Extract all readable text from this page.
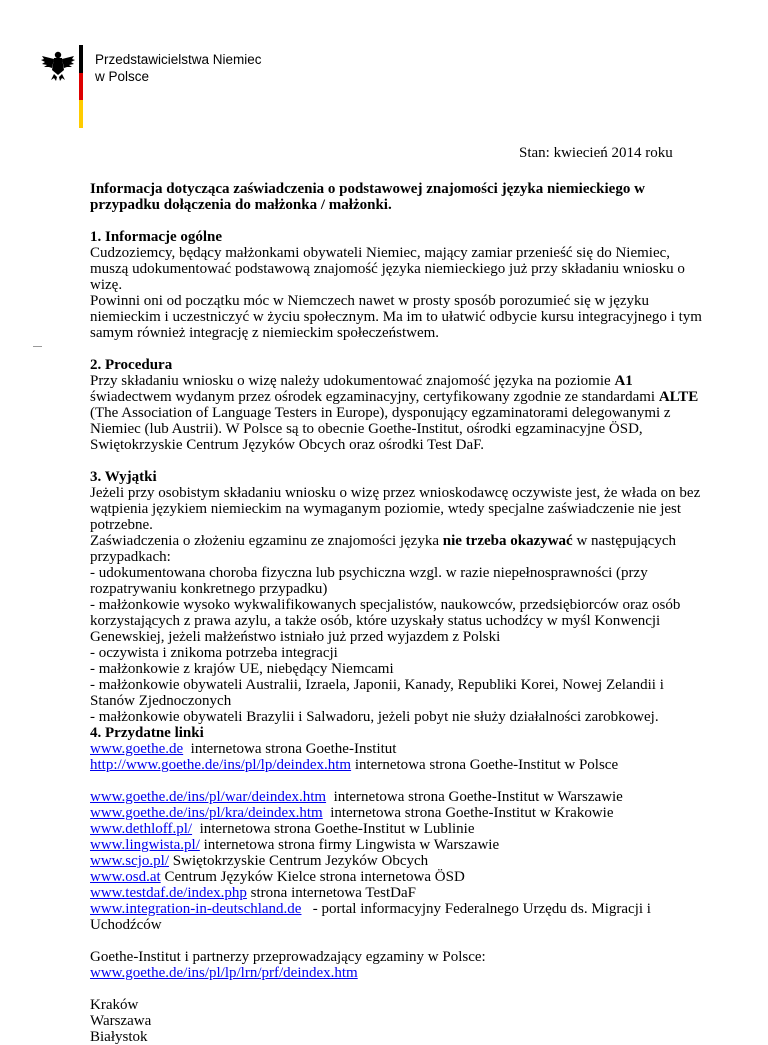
Przedstawicielstwa Niemiec
w Polsce
Stan: kwiecień 2014 roku

Informacja dotycząca zaświadczenia o podstawowej znajomości języka niemieckiego w przypadku dołączenia do małżonka / małżonki.

1. Informacje ogólne

Cudzoziemcy, będący małżonkami obywateli Niemiec, mający zamiar przenieść się do Niemiec, muszą udokumentować podstawową znajomość języka niemieckiego już przy składaniu wniosku o wizę.

Powinni oni od początku móc w Niemczech nawet w prosty sposób porozumieć się w języku niemieckim i uczestniczyć w życiu społecznym. Ma im to ułatwić odbycie kursu integracyjnego i tym samym również integrację z niemieckim społeczeństwem.

2. Procedura

Przy składaniu wniosku o wizę należy udokumentować znajomość języka na poziomie A1 świadectwem wydanym przez ośrodek egzaminacyjny, certyfikowany zgodnie ze standardami ALTE (The Association of Language Testers in Europe), dysponujący egzaminatorami delegowanymi z Niemiec (lub Austrii). W Polsce są to obecnie Goethe-Institut, ośrodki egzaminacyjne ÖSD, Swiętokrzyskie Centrum Języków Obcych oraz ośrodki Test DaF.

3. Wyjątki

Jeżeli przy osobistym składaniu wniosku o wizę przez wnioskodawcę oczywiste jest, że włada on bez wątpienia językiem niemieckim na wymaganym poziomie, wtedy specjalne zaświadczenie nie jest potrzebne.

Zaświadczenia o złożeniu egzaminu ze znajomości języka nie trzeba okazywać w następujących przypadkach:

- udokumentowana choroba fizyczna lub psychiczna wzgl. w razie niepełnosprawności (przy rozpatrywaniu konkretnego przypadku)

- małżonkowie wysoko wykwalifikowanych specjalistów, naukowców, przedsiębiorców oraz osób korzystających z prawa azylu, a także osób, które uzyskały status uchodźcy w myśl Konwencji Genewskiej, jeżeli małżeństwo istniało już przed wyjazdem z Polski

- oczywista i znikoma potrzeba integracji

- małżonkowie z krajów UE, niebędący Niemcami

- małżonkowie obywateli Australii, Izraela, Japonii, Kanady, Republiki Korei, Nowej Zelandii i Stanów Zjednoczonych

- małżonkowie obywateli Brazylii i Salwadoru, jeżeli pobyt nie służy działalności zarobkowej.

4. Przydatne linki

www.goethe.de  internetowa strona Goethe-Institut

http://www.goethe.de/ins/pl/lp/deindex.htm internetowa strona Goethe-Institut w Polsce

www.goethe.de/ins/pl/war/deindex.htm  internetowa strona Goethe-Institut w Warszawie

www.goethe.de/ins/pl/kra/deindex.htm  internetowa strona Goethe-Institut w Krakowie

www.dethloff.pl/  internetowa strona Goethe-Institut w Lublinie

www.lingwista.pl/ internetowa strona firmy Lingwista w Warszawie

www.scjo.pl/ Swiętokrzyskie Centrum Jezyków Obcych

www.osd.at Centrum Języków Kielce strona internetowa ÖSD

www.testdaf.de/index.php strona internetowa TestDaF

www.integration-in-deutschland.de   - portal informacyjny Federalnego Urzędu ds. Migracji i Uchodźców

Goethe-Institut i partnerzy przeprowadzający egzaminy w Polsce:

www.goethe.de/ins/pl/lp/lrn/prf/deindex.htm

Kraków

Warszawa

Białystok
